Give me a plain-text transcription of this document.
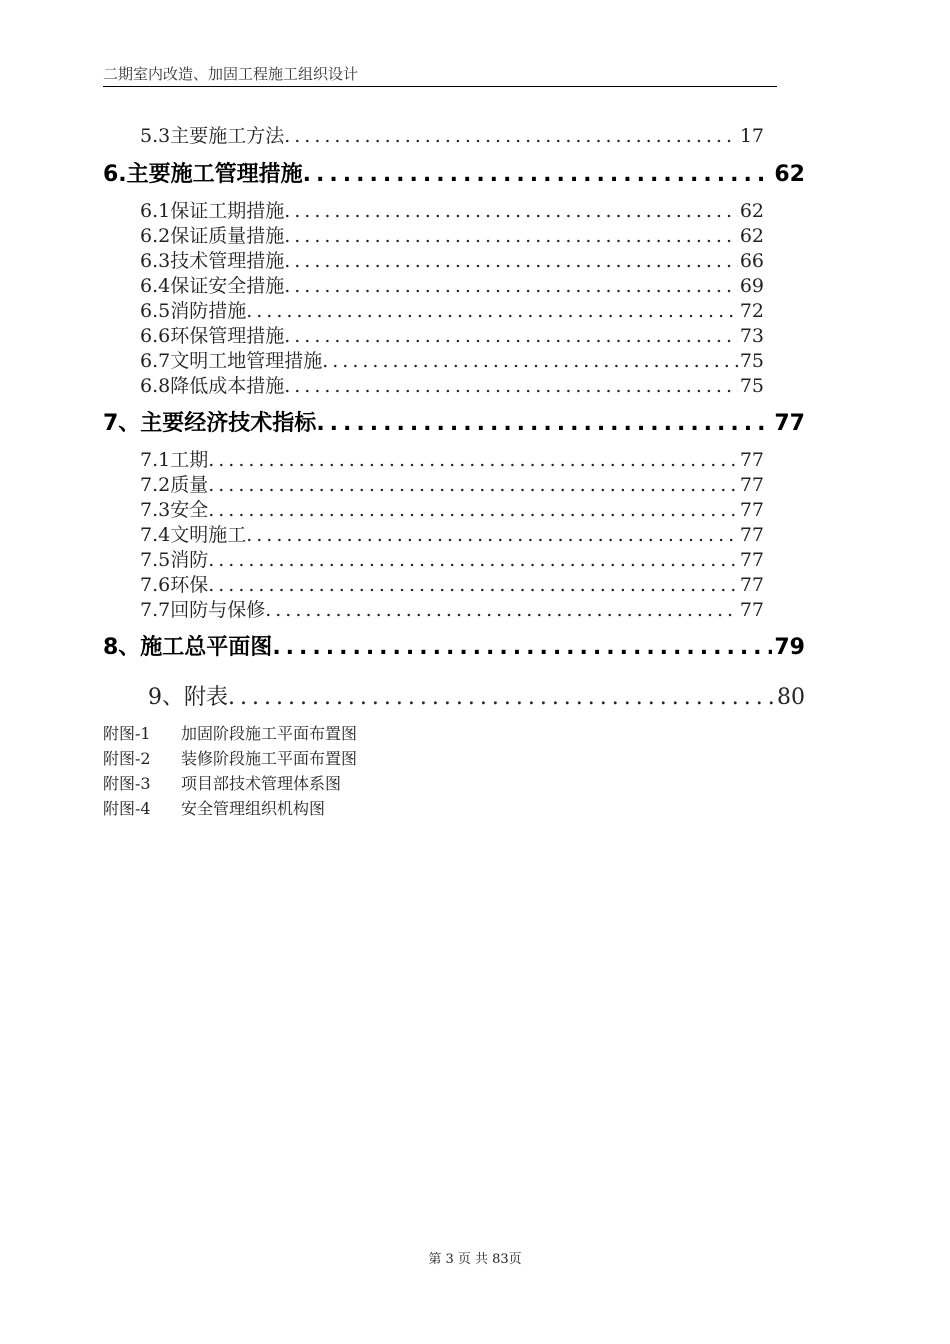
二期室内改造、加固工程施工组织设计
5.3主要施工方法 .....	17
6.主要施工管理措施 .....	62
6.1保证工期措施 .....	62
6.2保证质量措施 .....	62
6.3技术管理措施 .....	66
6.4保证安全措施 .....	69
6.5消防措施 .....	72
6.6环保管理措施 .....	73
6.7文明工地管理措施 .....	75
6.8降低成本措施 .....	75
7、主要经济技术指标 .....	77
7.1工期 .....	77
7.2质量 .....	77
7.3安全 .....	77
7.4文明施工 .....	77
7.5消防 .....	77
7.6环保 .....	77
7.7回防与保修 .....	77
8、施工总平面图 .....	79
9、附表 .....	80
附图-1 加固阶段施工平面布置图
附图-2 装修阶段施工平面布置图
附图-3 项目部技术管理体系图
附图-4 安全管理组织机构图
第 3 页 共 83页
